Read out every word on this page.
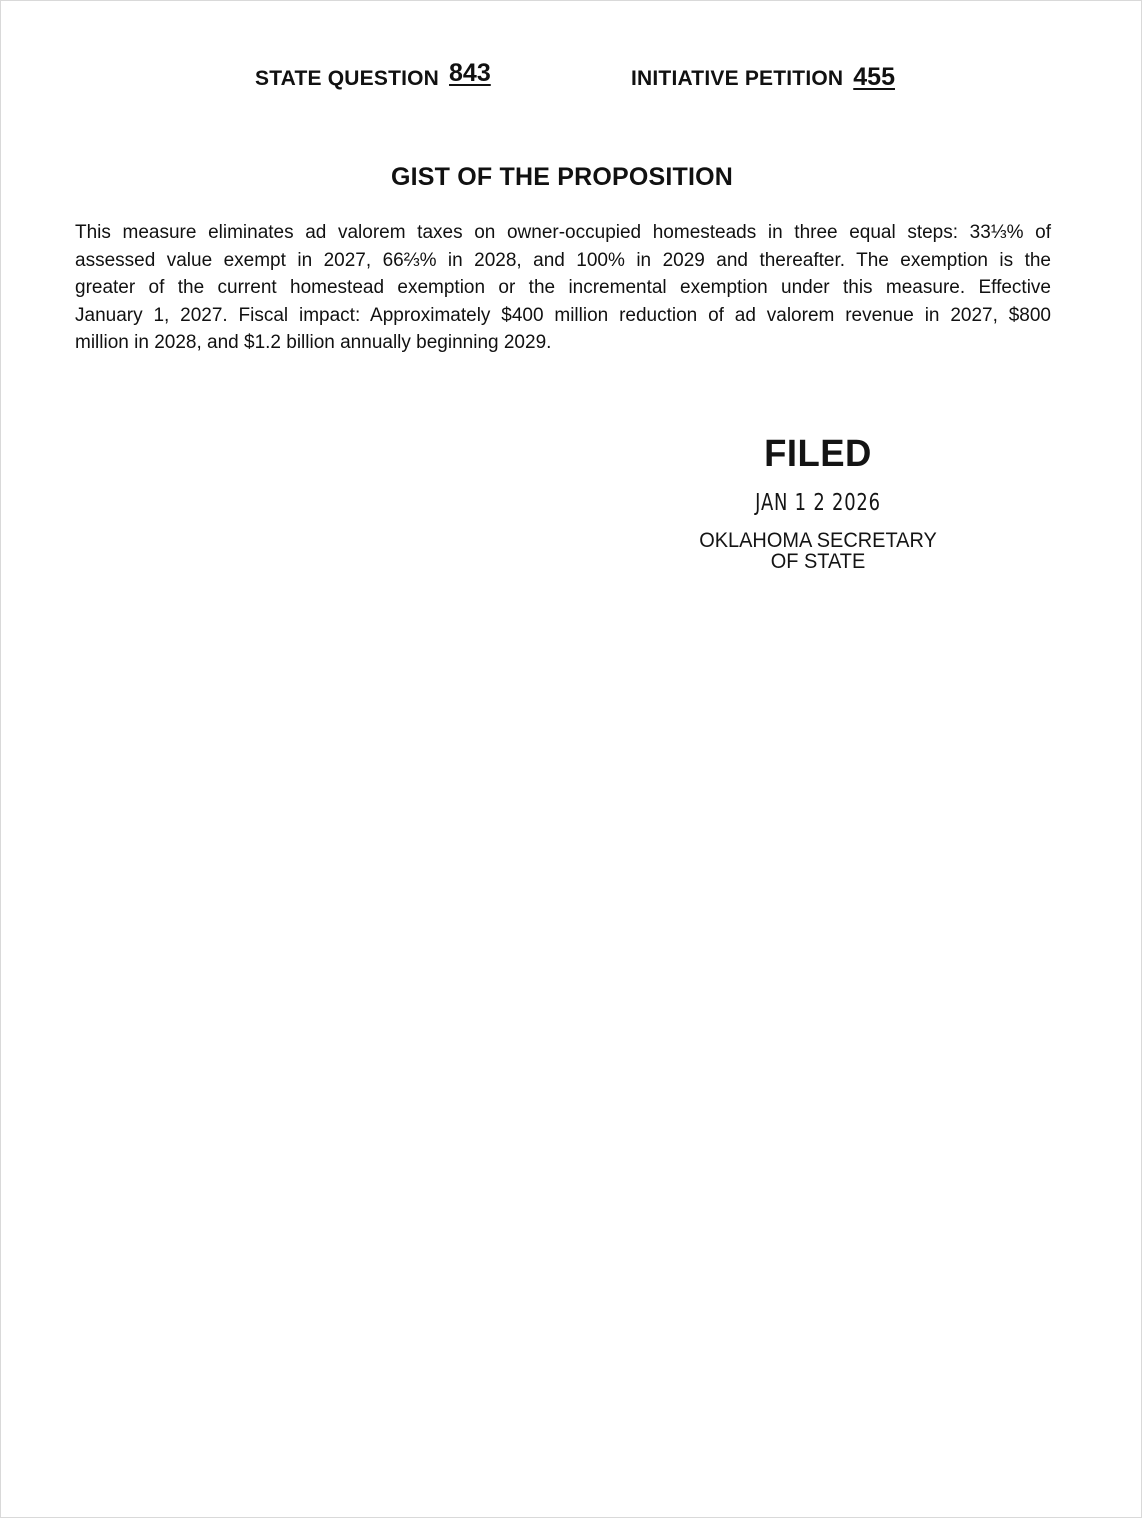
STATE QUESTION 843	INITIATIVE PETITION 455
GIST OF THE PROPOSITION

This measure eliminates ad valorem taxes on owner-occupied homesteads in three equal steps: 33⅓% of
assessed value exempt in 2027, 66⅔% in 2028, and 100% in 2029 and thereafter. The exemption is the
greater of the current homestead exemption or the incremental exemption under this measure. Effective
January 1, 2027. Fiscal impact: Approximately $400 million reduction of ad valorem revenue in 2027, $800
million in 2028, and $1.2 billion annually beginning 2029.

FILED
JAN 1 2 2026
OKLAHOMA SECRETARY
OF STATE
